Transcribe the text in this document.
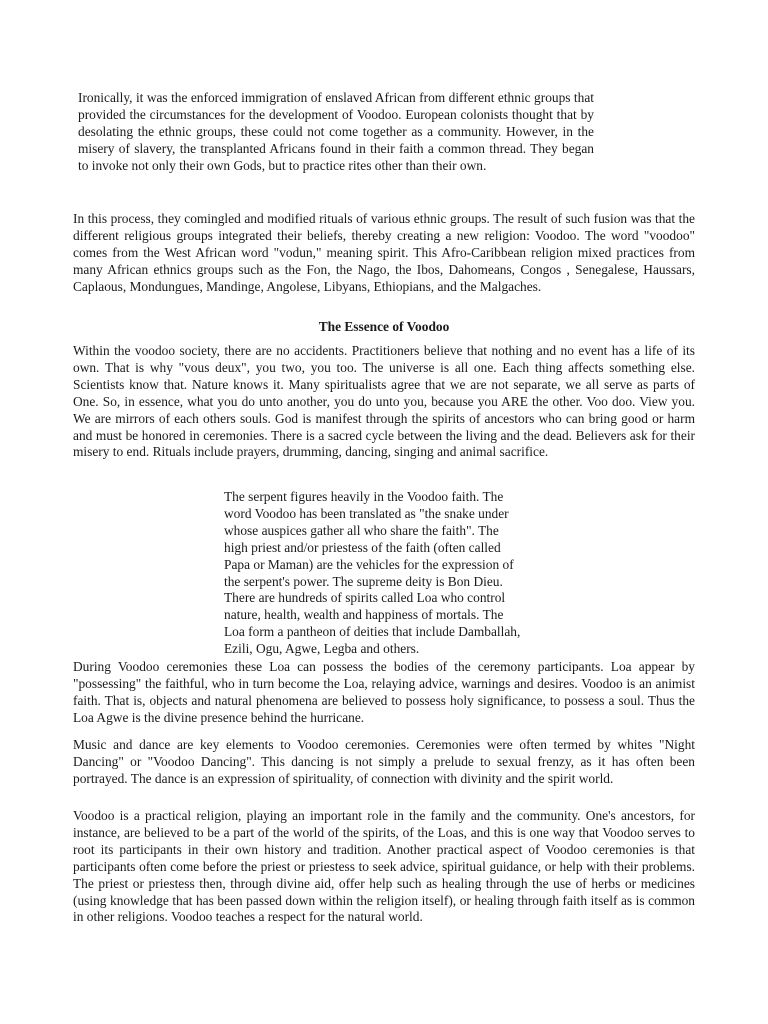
Ironically, it was the enforced immigration of enslaved African from different ethnic groups that provided the circumstances for the development of Voodoo. European colonists thought that by desolating the ethnic groups, these could not come together as a community. However, in the misery of slavery, the transplanted Africans found in their faith a common thread. They began to invoke not only their own Gods, but to practice rites other than their own.

In this process, they comingled and modified rituals of various ethnic groups. The result of such fusion was that the different religious groups integrated their beliefs, thereby creating a new religion: Voodoo. The word "voodoo" comes from the West African word "vodun," meaning spirit. This Afro-Caribbean religion mixed practices from many African ethnics groups such as the Fon, the Nago, the Ibos, Dahomeans, Congos , Senegalese, Haussars, Caplaous, Mondungues, Mandinge, Angolese, Libyans, Ethiopians, and the Malgaches.

The Essence of Voodoo

Within the voodoo society, there are no accidents. Practitioners believe that nothing and no event has a life of its own. That is why "vous deux", you two, you too. The universe is all one. Each thing affects something else. Scientists know that. Nature knows it. Many spiritualists agree that we are not separate, we all serve as parts of One. So, in essence, what you do unto another, you do unto you, because you ARE the other. Voo doo. View you. We are mirrors of each others souls. God is manifest through the spirits of ancestors who can bring good or harm and must be honored in ceremonies. There is a sacred cycle between the living and the dead. Believers ask for their misery to end. Rituals include prayers, drumming, dancing, singing and animal sacrifice.

The serpent figures heavily in the Voodoo faith. The
word Voodoo has been translated as "the snake under
whose auspices gather all who share the faith". The
high priest and/or priestess of the faith (often called
Papa or Maman) are the vehicles for the expression of
the serpent's power. The supreme deity is Bon Dieu.
There are hundreds of spirits called Loa who control
nature, health, wealth and happiness of mortals. The
Loa form a pantheon of deities that include Damballah,
Ezili, Ogu, Agwe, Legba and others.

During Voodoo ceremonies these Loa can possess the bodies of the ceremony participants. Loa appear by "possessing" the faithful, who in turn become the Loa, relaying advice, warnings and desires. Voodoo is an animist faith. That is, objects and natural phenomena are believed to possess holy significance, to possess a soul. Thus the Loa Agwe is the divine presence behind the hurricane.

Music and dance are key elements to Voodoo ceremonies. Ceremonies were often termed by whites "Night Dancing" or "Voodoo Dancing". This dancing is not simply a prelude to sexual frenzy, as it has often been portrayed. The dance is an expression of spirituality, of connection with divinity and the spirit world.

Voodoo is a practical religion, playing an important role in the family and the community. One's ancestors, for instance, are believed to be a part of the world of the spirits, of the Loas, and this is one way that Voodoo serves to root its participants in their own history and tradition. Another practical aspect of Voodoo ceremonies is that participants often come before the priest or priestess to seek advice, spiritual guidance, or help with their problems. The priest or priestess then, through divine aid, offer help such as healing through the use of herbs or medicines (using knowledge that has been passed down within the religion itself), or healing through faith itself as is common in other religions. Voodoo teaches a respect for the natural world.
